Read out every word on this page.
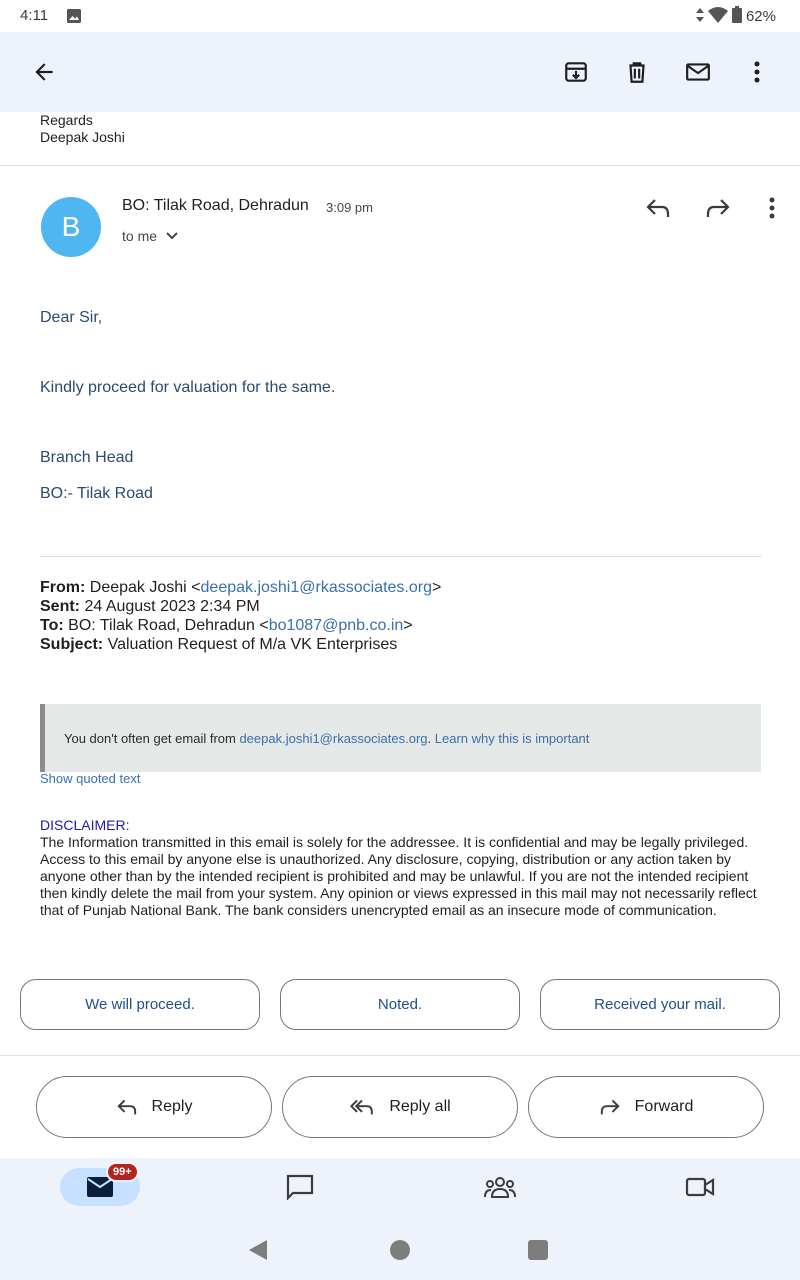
4:11	62%
Regards
Deepak Joshi
B
BO: Tilak Road, Dehradun 3:09 pm
to me
Dear Sir,
Kindly proceed for valuation for the same.
Branch Head
BO:- Tilak Road
From: Deepak Joshi <deepak.joshi1@rkassociates.org>
Sent: 24 August 2023 2:34 PM
To: BO: Tilak Road, Dehradun <bo1087@pnb.co.in>
Subject: Valuation Request of M/a VK Enterprises
You don't often get email from deepak.joshi1@rkassociates.org. Learn why this is important
Show quoted text
DISCLAIMER:
The Information transmitted in this email is solely for the addressee. It is confidential and may be legally privileged. Access to this email by anyone else is unauthorized. Any disclosure, copying, distribution or any action taken by anyone other than by the intended recipient is prohibited and may be unlawful. If you are not the intended recipient then kindly delete the mail from your system. Any opinion or views expressed in this mail may not necessarily reflect that of Punjab National Bank. The bank considers unencrypted email as an insecure mode of communication.
We will proceed.	Noted.	Received your mail.
Reply	Reply all	Forward
99+
